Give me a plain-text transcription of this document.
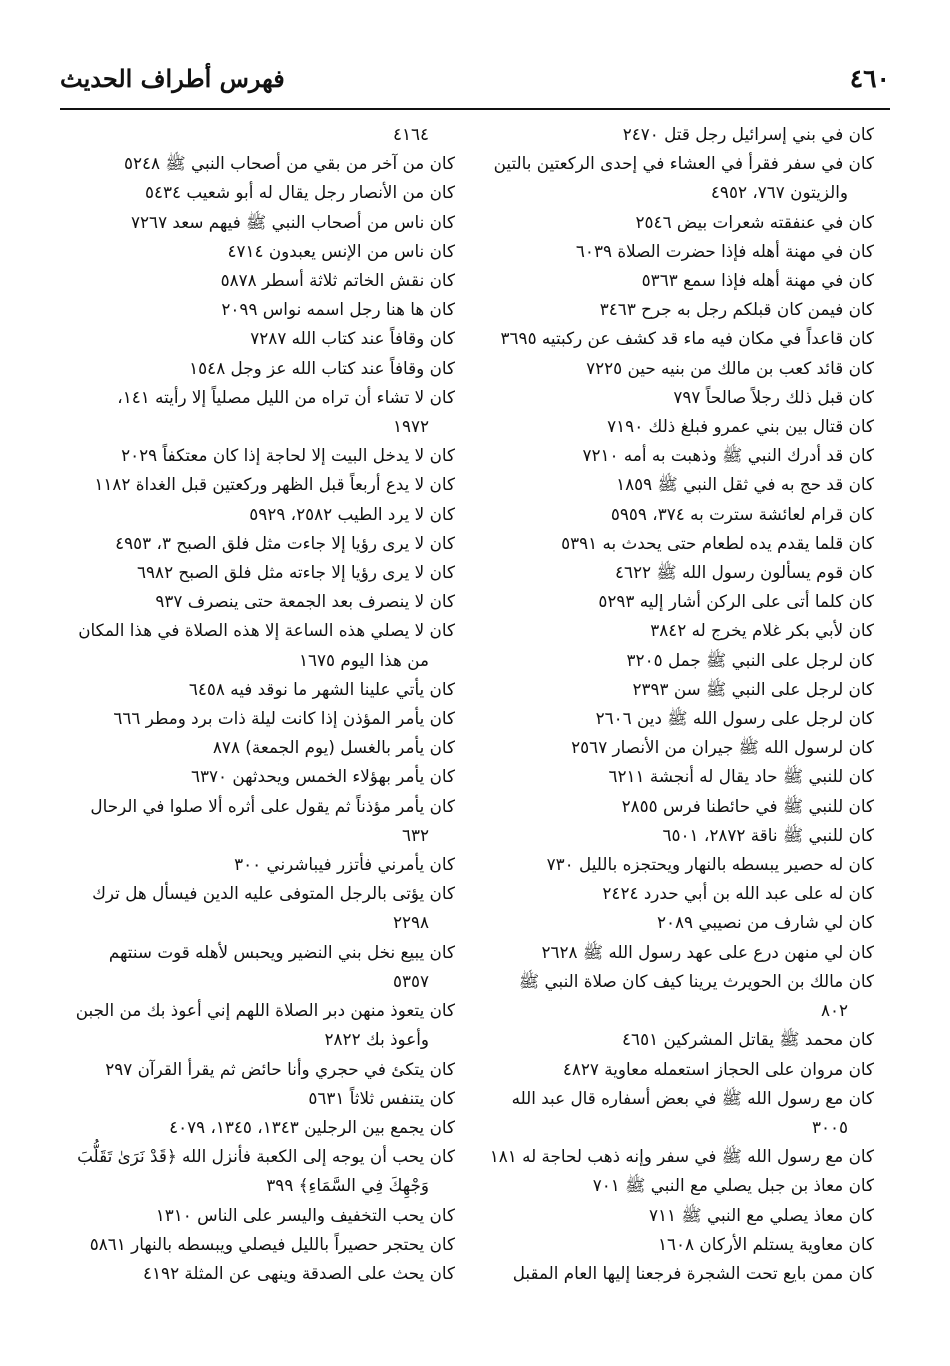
٤٦٠
فهرس أطراف الحديث
كان في بني إسرائيل رجل قتل ٢٤٧٠
كان في سفر فقرأ في العشاء في إحدى الركعتين بالتين
والزيتون ٧٦٧، ٤٩٥٢
كان في عنفقته شعرات بيض ٢٥٤٦
كان في مهنة أهله فإذا حضرت الصلاة ٦٠٣٩
كان في مهنة أهله فإذا سمع ٥٣٦٣
كان فيمن كان قبلكم رجل به جرح ٣٤٦٣
كان قاعداً في مكان فيه ماء قد كشف عن ركبتيه ٣٦٩٥
كان قائد كعب بن مالك من بنيه حين ٧٢٢٥
كان قبل ذلك رجلاً صالحاً ٧٩٧
كان قتال بين بني عمرو فبلغ ذلك ٧١٩٠
كان قد أدرك النبي ﷺ وذهبت به أمه ٧٢١٠
كان قد حج به في ثقل النبي ﷺ ١٨٥٩
كان قرام لعائشة سترت به ٣٧٤، ٥٩٥٩
كان قلما يقدم يده لطعام حتى يحدث به ٥٣٩١
كان قوم يسألون رسول الله ﷺ ٤٦٢٢
كان كلما أتى على الركن أشار إليه ٥٢٩٣
كان لأبي بكر غلام يخرج له ٣٨٤٢
كان لرجل على النبي ﷺ جمل ٣٢٠٥
كان لرجل على النبي ﷺ سن ٢٣٩٣
كان لرجل على رسول الله ﷺ دين ٢٦٠٦
كان لرسول الله ﷺ جيران من الأنصار ٢٥٦٧
كان للنبي ﷺ حاد يقال له أنجشة ٦٢١١
كان للنبي ﷺ في حائطنا فرس ٢٨٥٥
كان للنبي ﷺ ناقة ٢٨٧٢، ٦٥٠١
كان له حصير يبسطه بالنهار ويحتجزه بالليل ٧٣٠
كان له على عبد الله بن أبي حدرد ٢٤٢٤
كان لي شارف من نصيبي ٢٠٨٩
كان لي منهن درع على عهد رسول الله ﷺ ٢٦٢٨
كان مالك بن الحويرث يرينا كيف كان صلاة النبي ﷺ
٨٠٢
كان محمد ﷺ يقاتل المشركين ٤٦٥١
كان مروان على الحجاز استعمله معاوية ٤٨٢٧
كان مع رسول الله ﷺ في بعض أسفاره قال عبد الله
٣٠٠٥
كان مع رسول الله ﷺ في سفر وإنه ذهب لحاجة له ١٨١
كان معاذ بن جبل يصلي مع النبي ﷺ ٧٠١
كان معاذ يصلي مع النبي ﷺ ٧١١
كان معاوية يستلم الأركان ١٦٠٨
كان ممن بايع تحت الشجرة فرجعنا إليها العام المقبل
٤١٦٤
كان من آخر من بقي من أصحاب النبي ﷺ ٥٢٤٨
كان من الأنصار رجل يقال له أبو شعيب ٥٤٣٤
كان ناس من أصحاب النبي ﷺ فيهم سعد ٧٢٦٧
كان ناس من الإنس يعبدون ٤٧١٤
كان نقش الخاتم ثلاثة أسطر ٥٨٧٨
كان ها هنا رجل اسمه نواس ٢٠٩٩
كان وقافاً عند كتاب الله ٧٢٨٧
كان وقافاً عند كتاب الله عز وجل ١٥٤٨
كان لا تشاء أن تراه من الليل مصلياً إلا رأيته ١٤١،
١٩٧٢
كان لا يدخل البيت إلا لحاجة إذا كان معتكفاً ٢٠٢٩
كان لا يدع أربعاً قبل الظهر وركعتين قبل الغداة ١١٨٢
كان لا يرد الطيب ٢٥٨٢، ٥٩٢٩
كان لا يرى رؤيا إلا جاءت مثل فلق الصبح ٣، ٤٩٥٣
كان لا يرى رؤيا إلا جاءته مثل فلق الصبح ٦٩٨٢
كان لا ينصرف بعد الجمعة حتى ينصرف ٩٣٧
كان لا يصلي هذه الساعة إلا هذه الصلاة في هذا المكان
من هذا اليوم ١٦٧٥
كان يأتي علينا الشهر ما نوقد فيه ٦٤٥٨
كان يأمر المؤذن إذا كانت ليلة ذات برد ومطر ٦٦٦
كان يأمر بالغسل (يوم الجمعة) ٨٧٨
كان يأمر بهؤلاء الخمس ويحدثهن ٦٣٧٠
كان يأمر مؤذناً ثم يقول على أثره ألا صلوا في الرحال
٦٣٢
كان يأمرني فأتزر فيباشرني ٣٠٠
كان يؤتى بالرجل المتوفى عليه الدين فيسأل هل ترك
٢٢٩٨
كان يبيع نخل بني النضير ويحبس لأهله قوت سنتهم
٥٣٥٧
كان يتعوذ منهن دبر الصلاة اللهم إني أعوذ بك من الجبن
وأعوذ بك ٢٨٢٢
كان يتكئ في حجري وأنا حائض ثم يقرأ القرآن ٢٩٧
كان يتنفس ثلاثاً ٥٦٣١
كان يجمع بين الرجلين ١٣٤٣، ١٣٤٥، ٤٠٧٩
كان يحب أن يوجه إلى الكعبة فأنزل الله ﴿قَدْ نَرَىٰ تَقَلُّبَ
وَجْهِكَ فِي السَّمَاءِ﴾ ٣٩٩
كان يحب التخفيف واليسر على الناس ١٣١٠
كان يحتجر حصيراً بالليل فيصلي ويبسطه بالنهار ٥٨٦١
كان يحث على الصدقة وينهى عن المثلة ٤١٩٢
